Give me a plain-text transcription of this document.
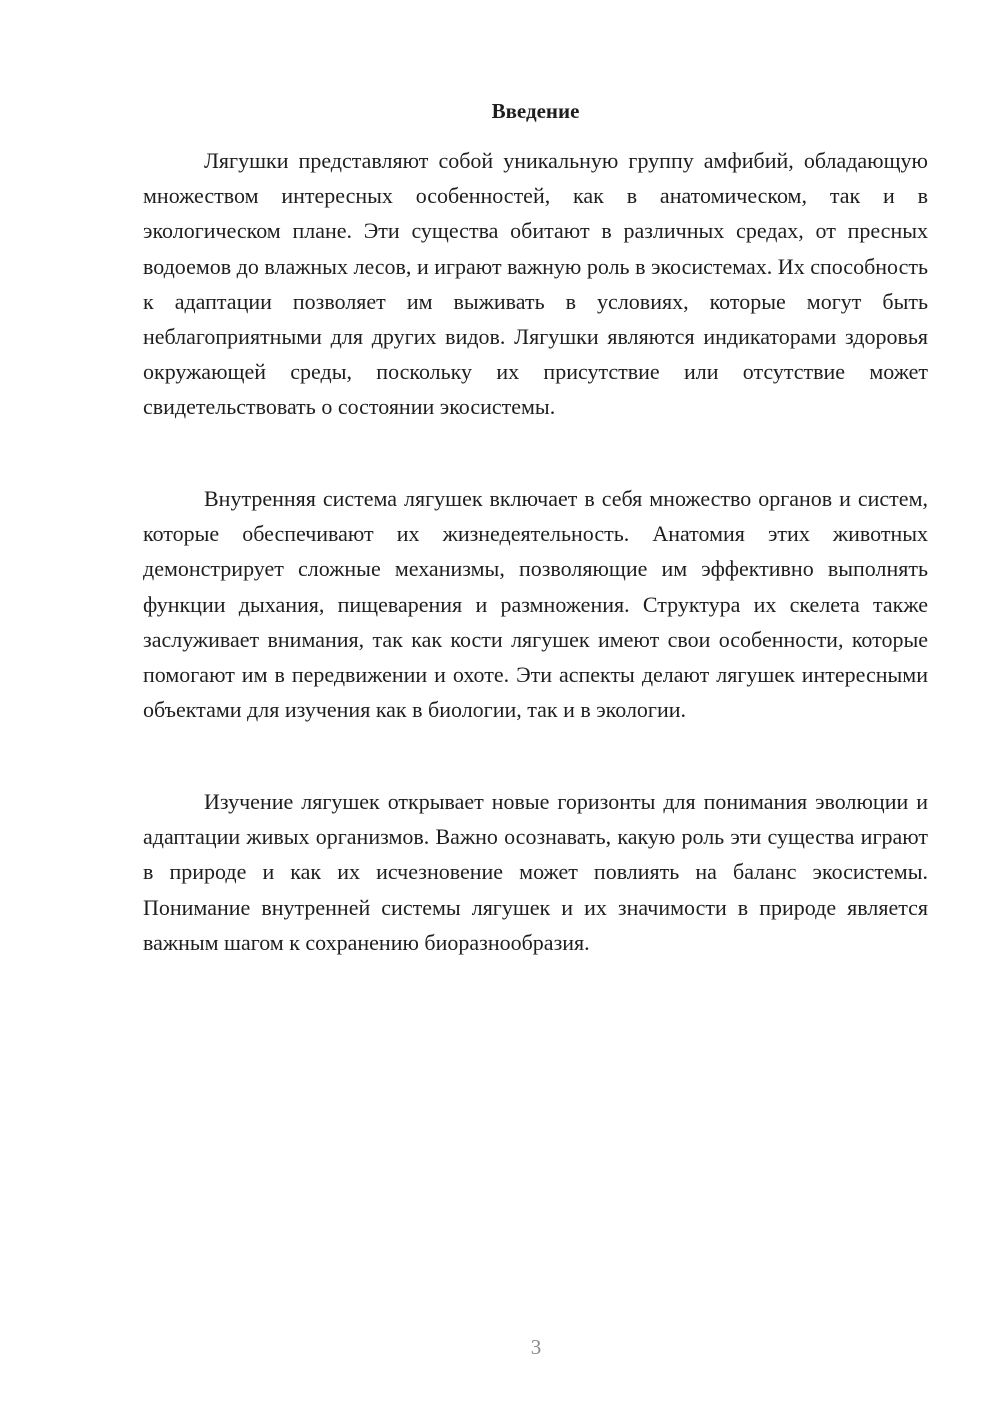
Введение

Лягушки представляют собой уникальную группу амфибий, обладающую множеством интересных особенностей, как в анатомическом, так и в экологическом плане. Эти существа обитают в различных средах, от пресных водоемов до влажных лесов, и играют важную роль в экосистемах. Их способность к адаптации позволяет им выживать в условиях, которые могут быть неблагоприятными для других видов. Лягушки являются индикаторами здоровья окружающей среды, поскольку их присутствие или отсутствие может свидетельствовать о состоянии экосистемы.

Внутренняя система лягушек включает в себя множество органов и систем, которые обеспечивают их жизнедеятельность. Анатомия этих животных демонстрирует сложные механизмы, позволяющие им эффективно выполнять функции дыхания, пищеварения и размножения. Структура их скелета также заслуживает внимания, так как кости лягушек имеют свои особенности, которые помогают им в передвижении и охоте. Эти аспекты делают лягушек интересными объектами для изучения как в биологии, так и в экологии.

Изучение лягушек открывает новые горизонты для понимания эволюции и адаптации живых организмов. Важно осознавать, какую роль эти существа играют в природе и как их исчезновение может повлиять на баланс экосистемы. Понимание внутренней системы лягушек и их значимости в природе является важным шагом к сохранению биоразнообразия.

3
